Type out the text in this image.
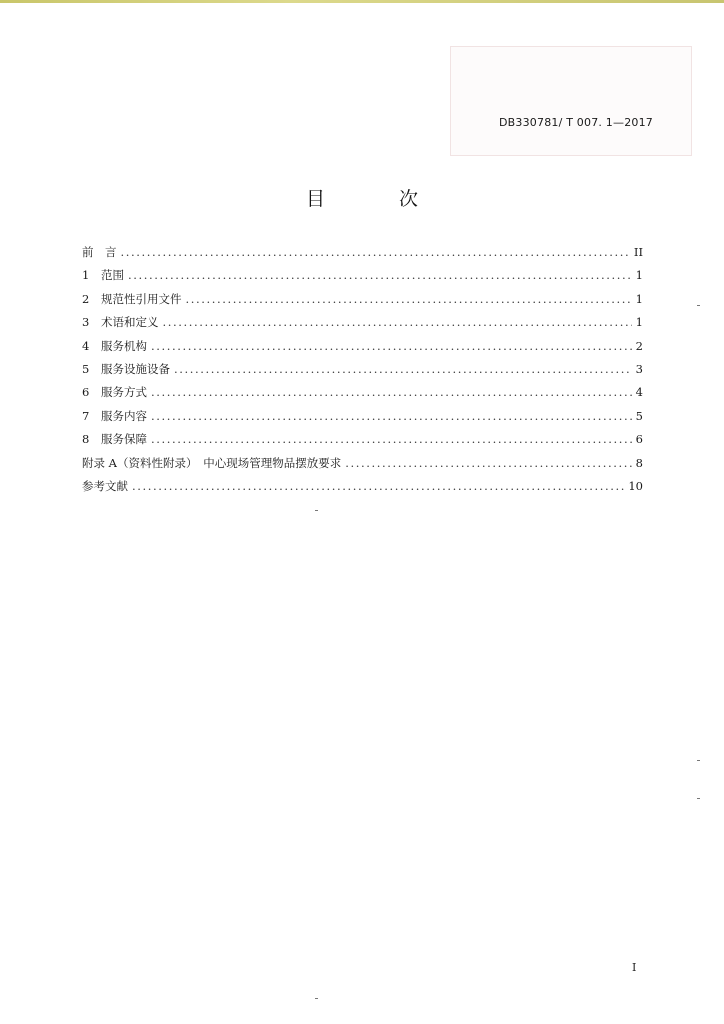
DB330781/ T 007. 1—2017
目 次
前　言 .....	II
1	范围 .....	1
2	规范性引用文件 .....	1
3	术语和定义 .....	1
4	服务机构 .....	2
5	服务设施设备 .....	3
6	服务方式 .....	4
7	服务内容 .....	5
8	服务保障 .....	6
附录 A（资料性附录）　中心现场管理物品摆放要求 .....	8
参考文献 .....	10
I
